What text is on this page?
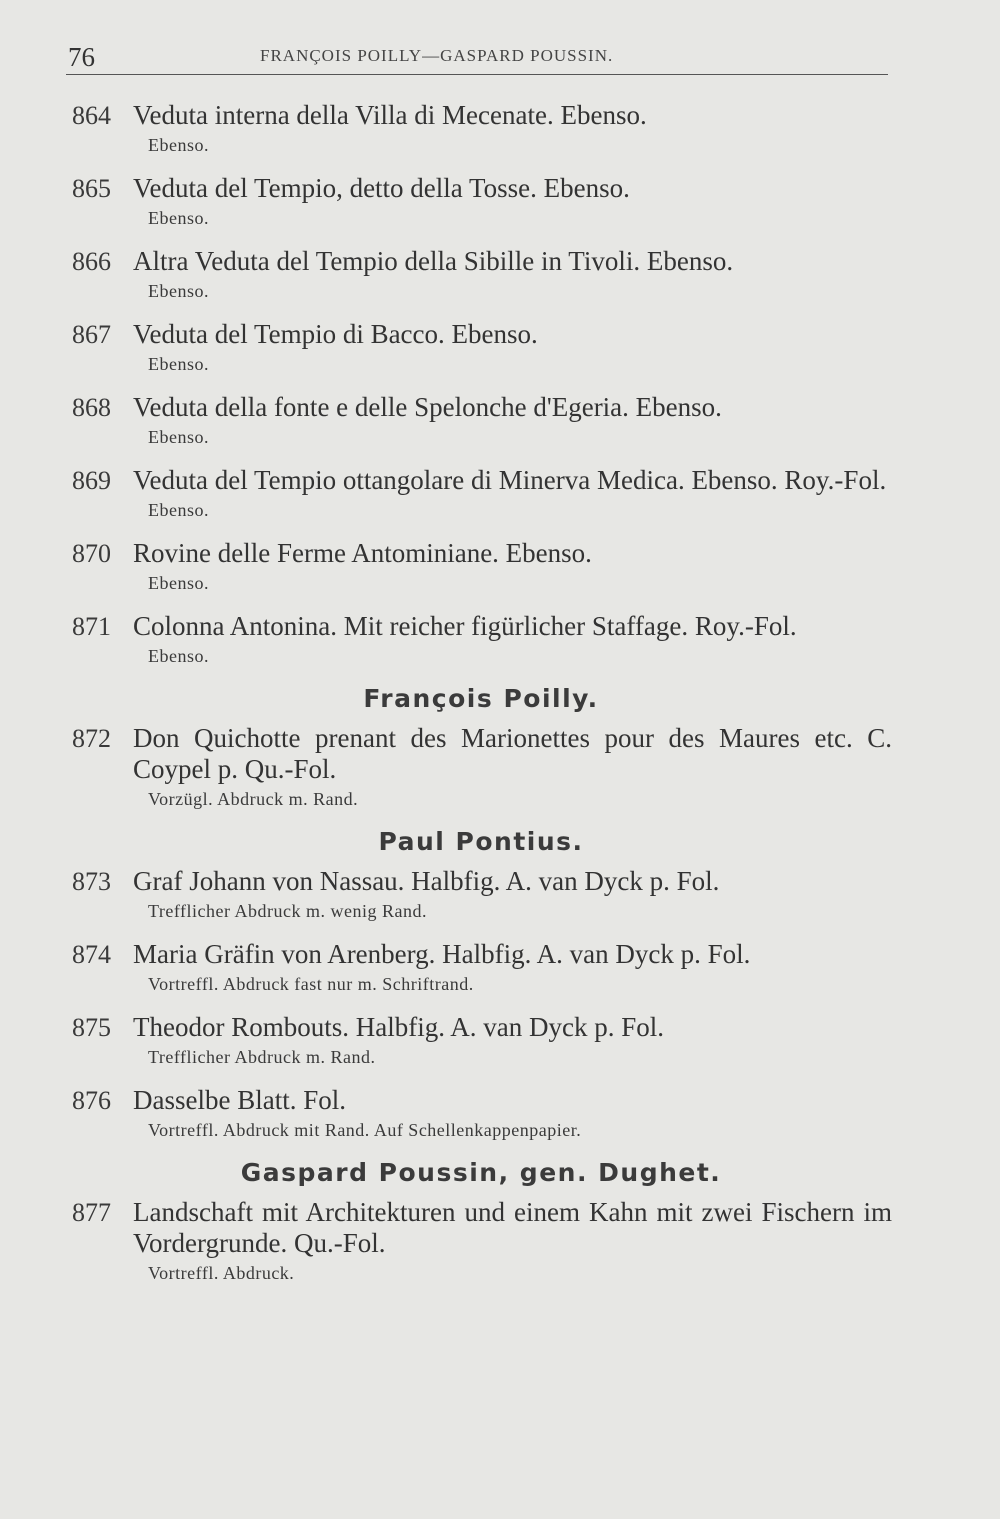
76	FRANÇOIS POILLY—GASPARD POUSSIN.
864 Veduta interna della Villa di Mecenate. Ebenso.
Ebenso.
865 Veduta del Tempio, detto della Tosse. Ebenso.
Ebenso.
866 Altra Veduta del Tempio della Sibille in Tivoli. Ebenso.
Ebenso.
867 Veduta del Tempio di Bacco. Ebenso.
Ebenso.
868 Veduta della fonte e delle Spelonche d'Egeria. Ebenso.
Ebenso.
869 Veduta del Tempio ottangolare di Minerva Medica. Ebenso. Roy.-Fol.
Ebenso.
870 Rovine delle Ferme Antominiane. Ebenso.
Ebenso.
871 Colonna Antonina. Mit reicher figürlicher Staffage. Roy.-Fol.
Ebenso.
François Poilly.
872 Don Quichotte prenant des Marionettes pour des Maures etc. C. Coypel p. Qu.-Fol.
Vorzügl. Abdruck m. Rand.
Paul Pontius.
873 Graf Johann von Nassau. Halbfig. A. van Dyck p. Fol.
Trefflicher Abdruck m. wenig Rand.
874 Maria Gräfin von Arenberg. Halbfig. A. van Dyck p. Fol.
Vortreffl. Abdruck fast nur m. Schriftrand.
875 Theodor Rombouts. Halbfig. A. van Dyck p. Fol.
Trefflicher Abdruck m. Rand.
876 Dasselbe Blatt. Fol.
Vortreffl. Abdruck mit Rand. Auf Schellenkappenpapier.
Gaspard Poussin, gen. Dughet.
877 Landschaft mit Architekturen und einem Kahn mit zwei Fischern im Vordergrunde. Qu.-Fol.
Vortreffl. Abdruck.
